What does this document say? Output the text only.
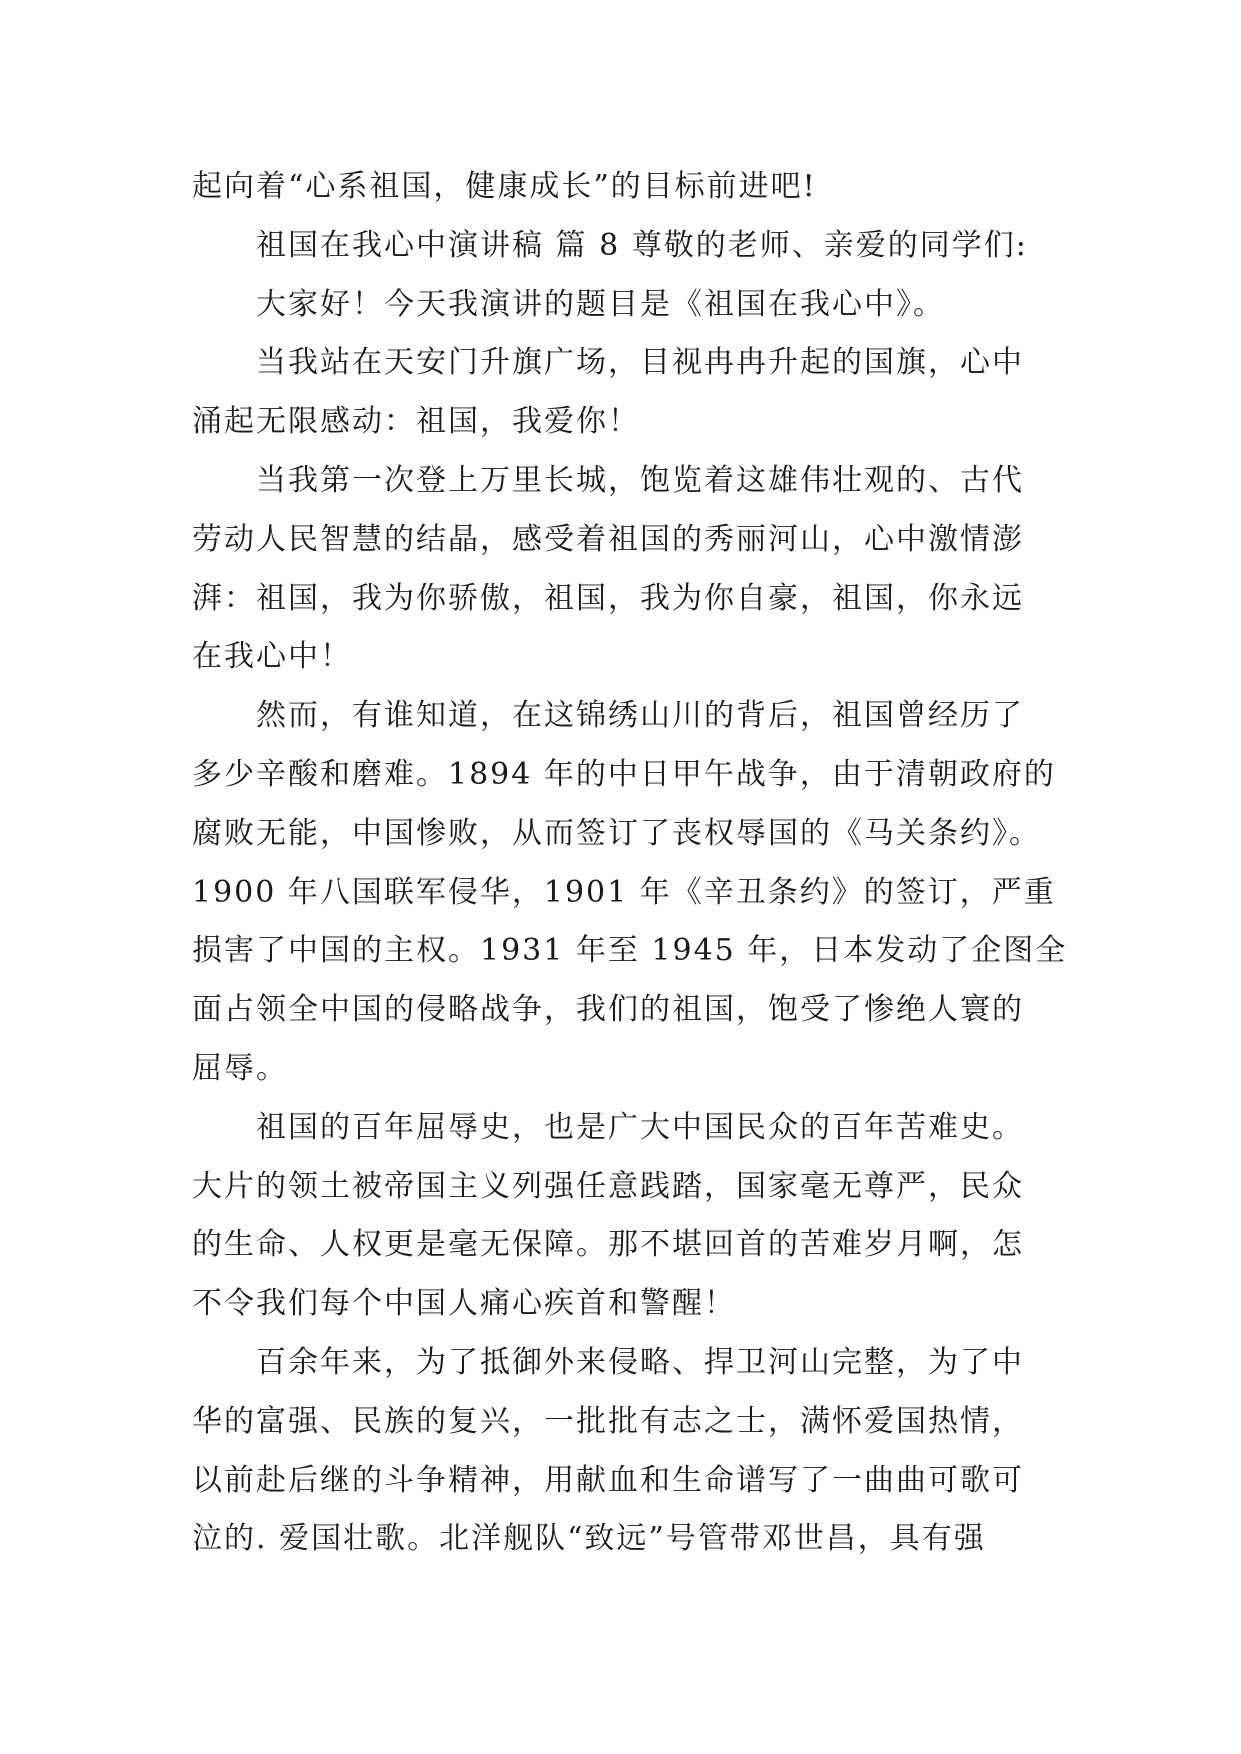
起向着“心系祖国，健康成长”的目标前进吧!
祖国在我心中演讲稿 篇 8 尊敬的老师、亲爱的同学们:
大家好！今天我演讲的题目是《祖国在我心中》。
当我站在天安门升旗广场，目视冉冉升起的国旗，心中
涌起无限感动：祖国，我爱你！
当我第一次登上万里长城，饱览着这雄伟壮观的、古代
劳动人民智慧的结晶，感受着祖国的秀丽河山，心中激情澎
湃：祖国，我为你骄傲，祖国，我为你自豪，祖国，你永远
在我心中！
然而，有谁知道，在这锦绣山川的背后，祖国曾经历了
多少辛酸和磨难。1894 年的中日甲午战争，由于清朝政府的
腐败无能，中国惨败，从而签订了丧权辱国的《马关条约》。
1900 年八国联军侵华，1901 年《辛丑条约》的签订，严重
损害了中国的主权。1931 年至 1945 年，日本发动了企图全
面占领全中国的侵略战争，我们的祖国，饱受了惨绝人寰的
屈辱。
祖国的百年屈辱史，也是广大中国民众的百年苦难史。
大片的领土被帝国主义列强任意践踏，国家毫无尊严，民众
的生命、人权更是毫无保障。那不堪回首的苦难岁月啊，怎
不令我们每个中国人痛心疾首和警醒！
百余年来，为了抵御外来侵略、捍卫河山完整，为了中
华的富强、民族的复兴，一批批有志之士，满怀爱国热情，
以前赴后继的斗争精神，用献血和生命谱写了一曲曲可歌可
泣的. 爱国壮歌。北洋舰队“致远”号管带邓世昌，具有强
